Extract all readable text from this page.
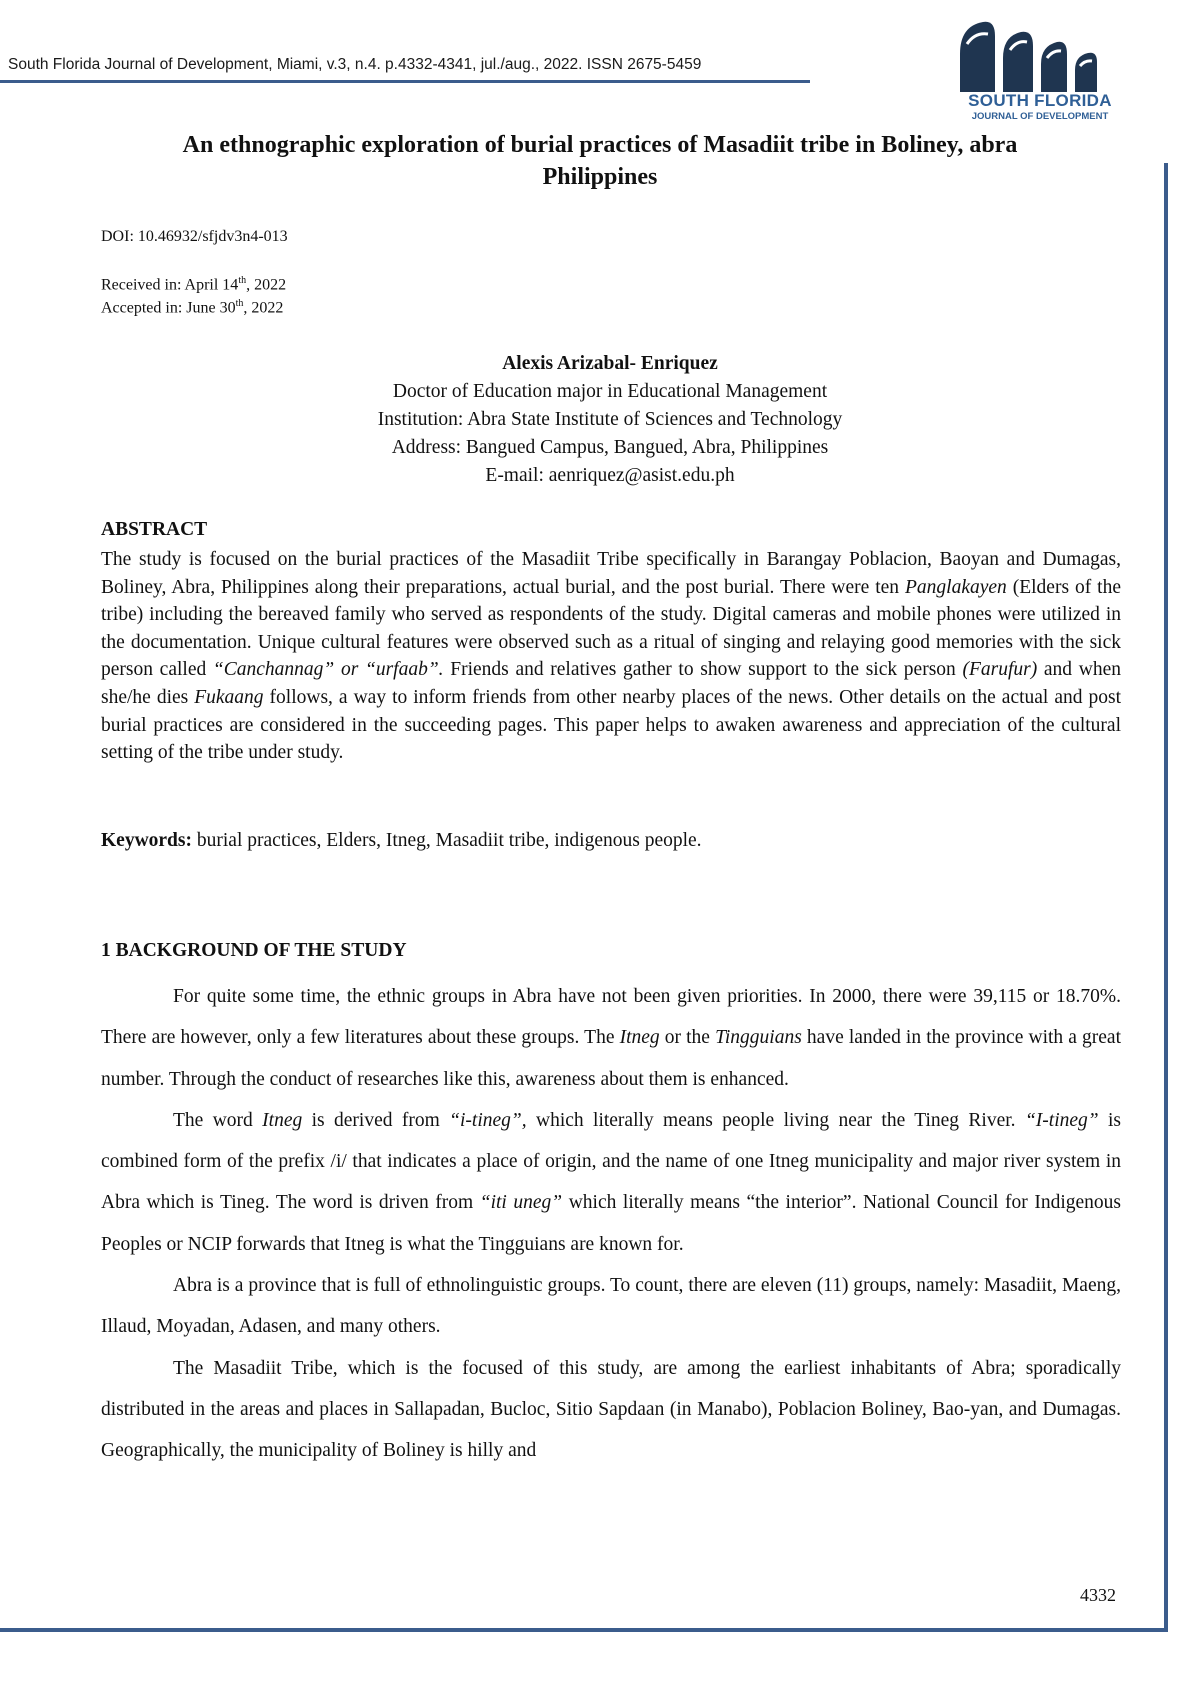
South Florida Journal of Development, Miami, v.3, n.4. p.4332-4341, jul./aug., 2022. ISSN 2675-5459
SOUTH FLORIDA
JOURNAL OF DEVELOPMENT
An ethnographic exploration of burial practices of Masadiit tribe in Boliney, abra
Philippines
DOI: 10.46932/sfjdv3n4-013
Received in: April 14th, 2022
Accepted in: June 30th, 2022
Alexis Arizabal- Enriquez
Doctor of Education major in Educational Management
Institution: Abra State Institute of Sciences and Technology
Address: Bangued Campus, Bangued, Abra, Philippines
E-mail: aenriquez@asist.edu.ph
ABSTRACT
The study is focused on the burial practices of the Masadiit Tribe specifically in Barangay Poblacion, Baoyan and Dumagas, Boliney, Abra, Philippines along their preparations, actual burial, and the post burial. There were ten Panglakayen (Elders of the tribe) including the bereaved family who served as respondents of the study. Digital cameras and mobile phones were utilized in the documentation. Unique cultural features were observed such as a ritual of singing and relaying good memories with the sick person called “Canchannag” or “urfaab”. Friends and relatives gather to show support to the sick person (Farufur) and when she/he dies Fukaang follows, a way to inform friends from other nearby places of the news. Other details on the actual and post burial practices are considered in the succeeding pages. This paper helps to awaken awareness and appreciation of the cultural setting of the tribe under study.
Keywords: burial practices, Elders, Itneg, Masadiit tribe, indigenous people.
1 BACKGROUND OF THE STUDY

For quite some time, the ethnic groups in Abra have not been given priorities. In 2000, there were 39,115 or 18.70%. There are however, only a few literatures about these groups. The Itneg or the Tingguians have landed in the province with a great number. Through the conduct of researches like this, awareness about them is enhanced.

The word Itneg is derived from “i-tineg”, which literally means people living near the Tineg River. “I-tineg” is combined form of the prefix /i/ that indicates a place of origin, and the name of one Itneg municipality and major river system in Abra which is Tineg. The word is driven from “iti uneg” which literally means “the interior”. National Council for Indigenous Peoples or NCIP forwards that Itneg is what the Tingguians are known for.

Abra is a province that is full of ethnolinguistic groups. To count, there are eleven (11) groups, namely: Masadiit, Maeng, Illaud, Moyadan, Adasen, and many others.

The Masadiit Tribe, which is the focused of this study, are among the earliest inhabitants of Abra; sporadically distributed in the areas and places in Sallapadan, Bucloc, Sitio Sapdaan (in Manabo), Poblacion Boliney, Bao-yan, and Dumagas. Geographically, the municipality of Boliney is hilly and

4332
